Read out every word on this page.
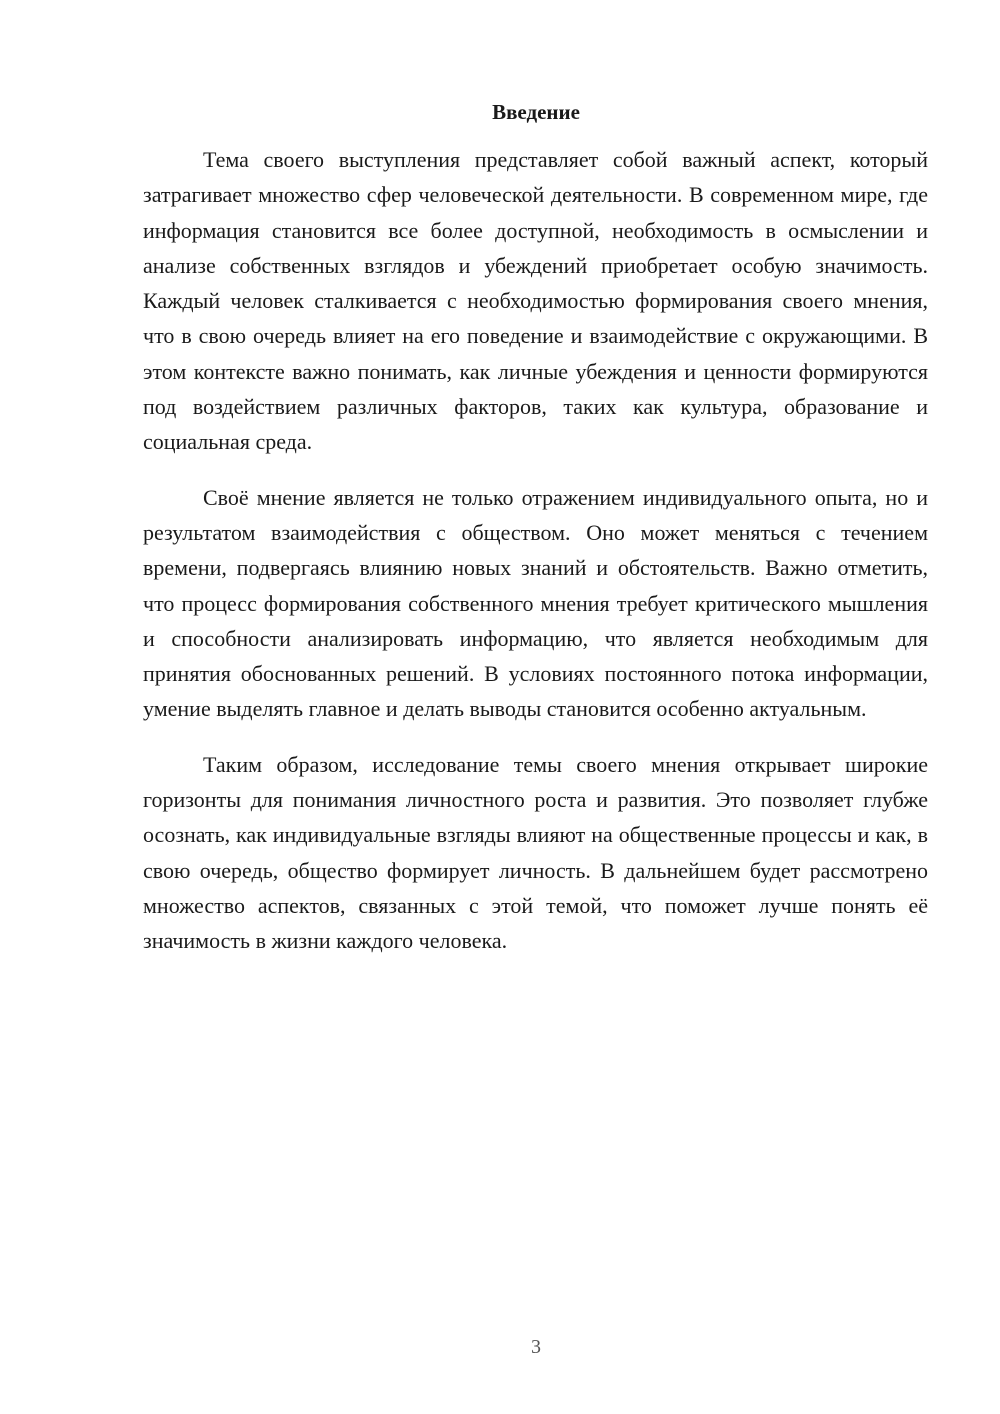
Введение

Тема своего выступления представляет собой важный аспект, который затрагивает множество сфер человеческой деятельности. В современном мире, где информация становится все более доступной, необходимость в осмыслении и анализе собственных взглядов и убеждений приобретает особую значимость. Каждый человек сталкивается с необходимостью формирования своего мнения, что в свою очередь влияет на его поведение и взаимодействие с окружающими. В этом контексте важно понимать, как личные убеждения и ценности формируются под воздействием различных факторов, таких как культура, образование и социальная среда.

Своё мнение является не только отражением индивидуального опыта, но и результатом взаимодействия с обществом. Оно может меняться с течением времени, подвергаясь влиянию новых знаний и обстоятельств. Важно отметить, что процесс формирования собственного мнения требует критического мышления и способности анализировать информацию, что является необходимым для принятия обоснованных решений. В условиях постоянного потока информации, умение выделять главное и делать выводы становится особенно актуальным.

Таким образом, исследование темы своего мнения открывает широкие горизонты для понимания личностного роста и развития. Это позволяет глубже осознать, как индивидуальные взгляды влияют на общественные процессы и как, в свою очередь, общество формирует личность. В дальнейшем будет рассмотрено множество аспектов, связанных с этой темой, что поможет лучше понять её значимость в жизни каждого человека.

3
